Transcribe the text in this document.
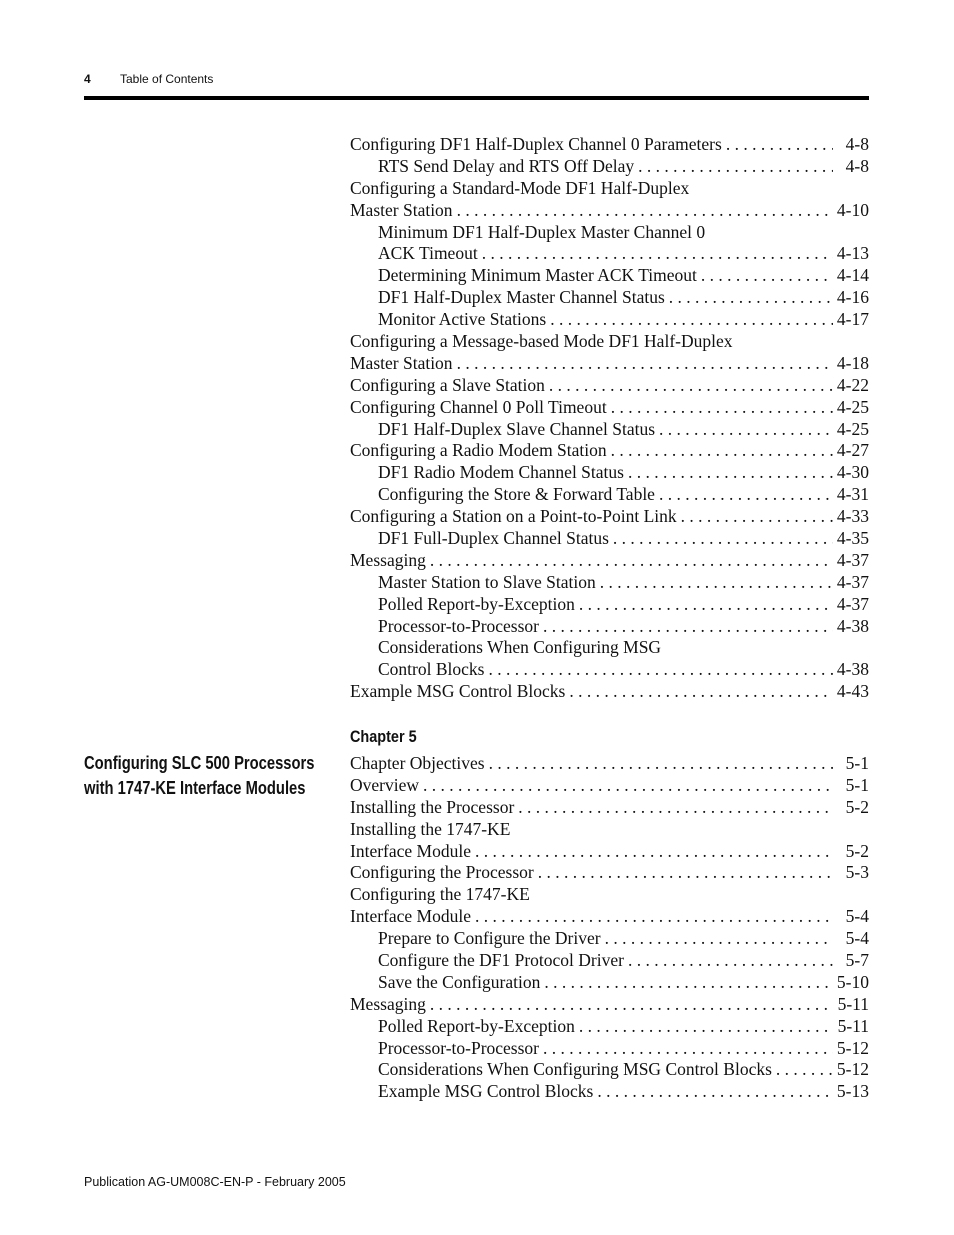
4 Table of Contents
Configuring DF1 Half-Duplex Channel 0 Parameters . . .	4-8
RTS Send Delay and RTS Off Delay . . .	4-8
Configuring a Standard-Mode DF1 Half-Duplex
Master Station . . .	4-10
Minimum DF1 Half-Duplex Master Channel 0
ACK Timeout . . .	4-13
Determining Minimum Master ACK Timeout . . .	4-14
DF1 Half-Duplex Master Channel Status . . .	4-16
Monitor Active Stations . . .	4-17
Configuring a Message-based Mode DF1 Half-Duplex
Master Station . . .	4-18
Configuring a Slave Station . . .	4-22
Configuring Channel 0 Poll Timeout . . .	4-25
DF1 Half-Duplex Slave Channel Status . . .	4-25
Configuring a Radio Modem Station . . .	4-27
DF1 Radio Modem Channel Status . . .	4-30
Configuring the Store & Forward Table . . .	4-31
Configuring a Station on a Point-to-Point Link . . .	4-33
DF1 Full-Duplex Channel Status . . .	4-35
Messaging . . .	4-37
Master Station to Slave Station . . .	4-37
Polled Report-by-Exception . . .	4-37
Processor-to-Processor . . .	4-38
Considerations When Configuring MSG
Control Blocks . . .	4-38
Example MSG Control Blocks . . .	4-43
Chapter 5
Configuring SLC 500 Processors
with 1747-KE Interface Modules
Chapter Objectives . . .	5-1
Overview . . .	5-1
Installing the Processor . . .	5-2
Installing the 1747-KE
Interface Module . . .	5-2
Configuring the Processor . . .	5-3
Configuring the 1747-KE
Interface Module . . .	5-4
Prepare to Configure the Driver . . .	5-4
Configure the DF1 Protocol Driver . . .	5-7
Save the Configuration . . .	5-10
Messaging . . .	5-11
Polled Report-by-Exception . . .	5-11
Processor-to-Processor . . .	5-12
Considerations When Configuring MSG Control Blocks . . .	5-12
Example MSG Control Blocks . . .	5-13
Publication AG-UM008C-EN-P - February 2005
